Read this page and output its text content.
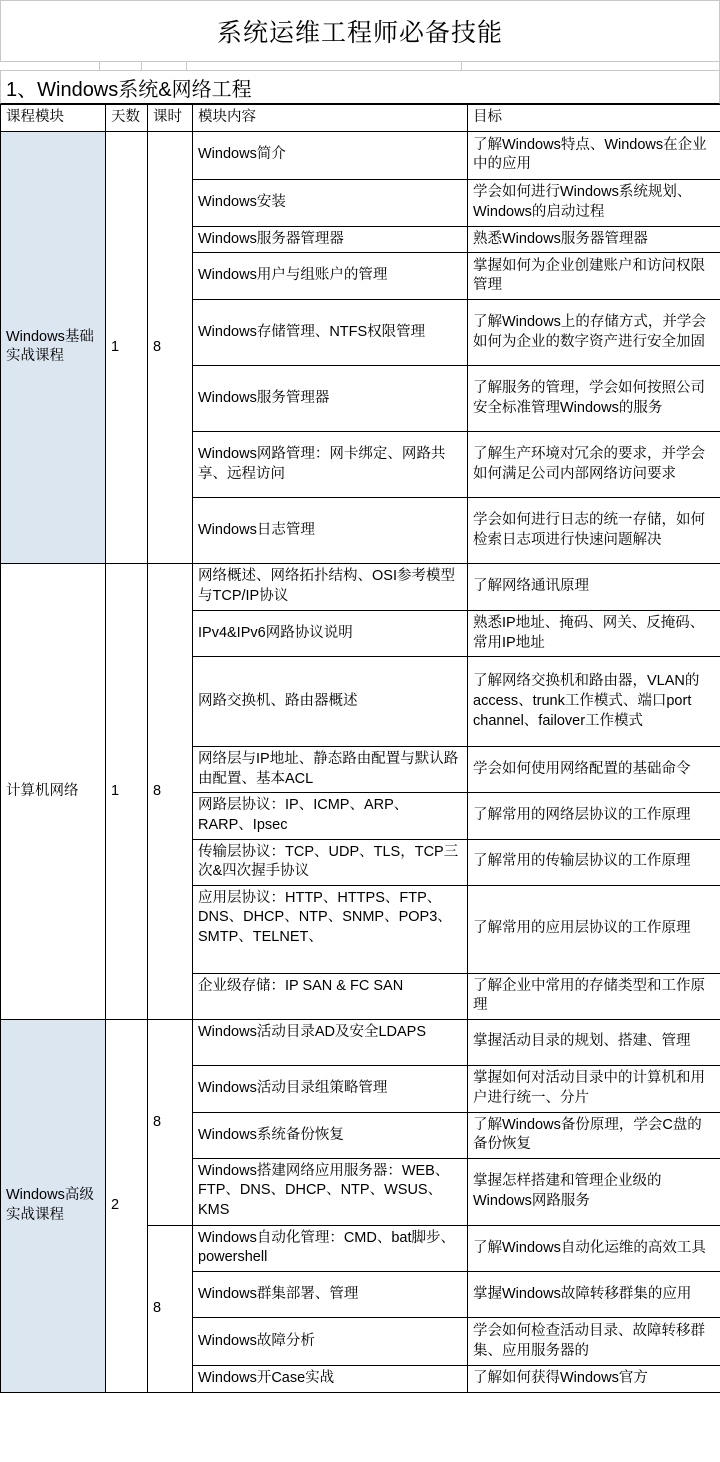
系统运维工程师必备技能
1、Windows系统&网络工程
课程模块	天数	课时	模块内容	目标
Windows基础实战课程	1	8	Windows简介	了解Windows特点、Windows在企业中的应用
			Windows安装	学会如何进行Windows系统规划、Windows的启动过程
			Windows服务器管理器	熟悉Windows服务器管理器
			Windows用户与组账户的管理	掌握如何为企业创建账户和访问权限管理
			Windows存储管理、NTFS权限管理	了解Windows上的存储方式，并学会如何为企业的数字资产进行安全加固
			Windows服务管理器	了解服务的管理，学会如何按照公司安全标准管理Windows的服务
			Windows网路管理：网卡绑定、网路共享、远程访问	了解生产环境对冗余的要求，并学会如何满足公司内部网络访问要求
			Windows日志管理	学会如何进行日志的统一存储，如何检索日志项进行快速问题解决
计算机网络	1	8	网络概述、网络拓扑结构、OSI参考模型与TCP/IP协议	了解网络通讯原理
			IPv4&IPv6网路协议说明	熟悉IP地址、掩码、网关、反掩码、常用IP地址
			网路交换机、路由器概述	了解网络交换机和路由器，VLAN的access、trunk工作模式、端口port channel、failover工作模式
			网络层与IP地址、静态路由配置与默认路由配置、基本ACL	学会如何使用网络配置的基础命令
			网路层协议：IP、ICMP、ARP、RARP、Ipsec	了解常用的网络层协议的工作原理
			传输层协议：TCP、UDP、TLS，TCP三次&四次握手协议	了解常用的传输层协议的工作原理
			应用层协议：HTTP、HTTPS、FTP、DNS、DHCP、NTP、SNMP、POP3、SMTP、TELNET、	了解常用的应用层协议的工作原理
			企业级存储：IP SAN & FC SAN	了解企业中常用的存储类型和工作原理
Windows高级实战课程	2	8	Windows活动目录AD及安全LDAPS	掌握活动目录的规划、搭建、管理
			Windows活动目录组策略管理	掌握如何对活动目录中的计算机和用户进行统一、分片
			Windows系统备份恢复	了解Windows备份原理，学会C盘的备份恢复
			Windows搭建网络应用服务器：WEB、FTP、DNS、DHCP、NTP、WSUS、KMS	掌握怎样搭建和管理企业级的Windows网路服务
		8	Windows自动化管理：CMD、bat脚步、powershell	了解Windows自动化运维的高效工具
			Windows群集部署、管理	掌握Windows故障转移群集的应用
			Windows故障分析	学会如何检查活动目录、故障转移群集、应用服务器的
			Windows开Case实战	了解如何获得Windows官方
